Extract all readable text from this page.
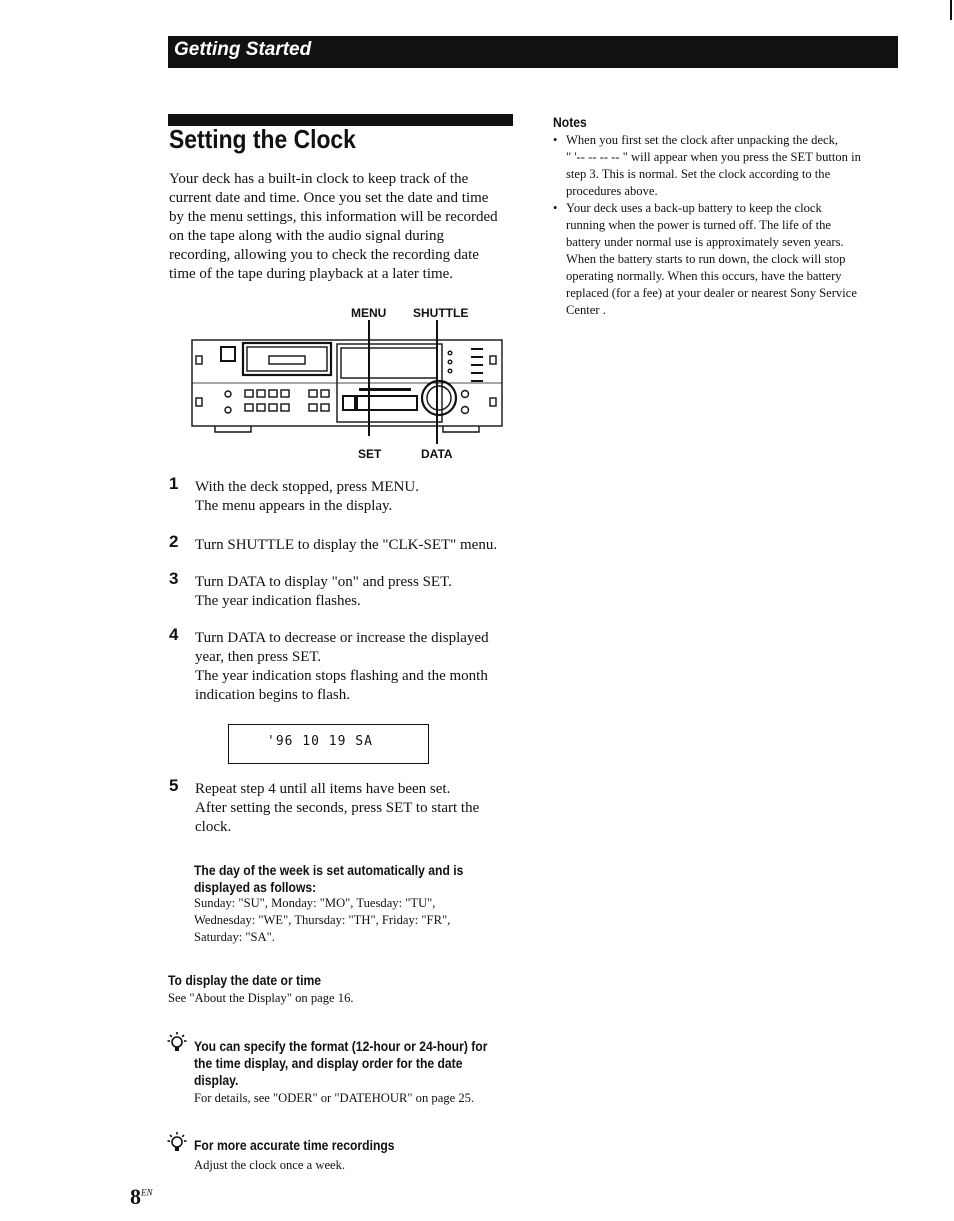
Getting Started
Setting the Clock
Your deck has a built-in clock to keep track of the
current date and time. Once you set the date and time
by the menu settings, this information will be recorded
on the tape along with the audio signal during
recording, allowing you to check the recording date
time of the tape during playback at a later time.
MENU SHUTTLE
SET	DATA
1 With the deck stopped, press MENU.
The menu appears in the display.
2 Turn SHUTTLE to display the "CLK-SET" menu.
3 Turn DATA to display "on" and press SET.
The year indication flashes.
4 Turn DATA to decrease or increase the displayed
year, then press SET.
The year indication stops flashing and the month
indication begins to flash.
'96 10 19 SA
5 Repeat step 4 until all items have been set.
After setting the seconds, press SET to start the
clock.
The day of the week is set automatically and is
displayed as follows:
Sunday: "SU", Monday: "MO", Tuesday: "TU",
Wednesday: "WE", Thursday: "TH", Friday: "FR",
Saturday: "SA".
To display the date or time
See "About the Display" on page 16.
You can specify the format (12-hour or 24-hour) for
the time display, and display order for the date
display.
For details, see "ODER" or "DATEHOUR" on page 25.
For more accurate time recordings
Adjust the clock once a week.
Notes
• When you first set the clock after unpacking the deck,
" '-- -- -- -- " will appear when you press the SET button in
step 3. This is normal. Set the clock according to the
procedures above.
• Your deck uses a back-up battery to keep the clock
running when the power is turned off. The life of the
battery under normal use is approximately seven years.
When the battery starts to run down, the clock will stop
operating normally. When this occurs, have the battery
replaced (for a fee) at your dealer or nearest Sony Service
Center .
$8^{EN}$
